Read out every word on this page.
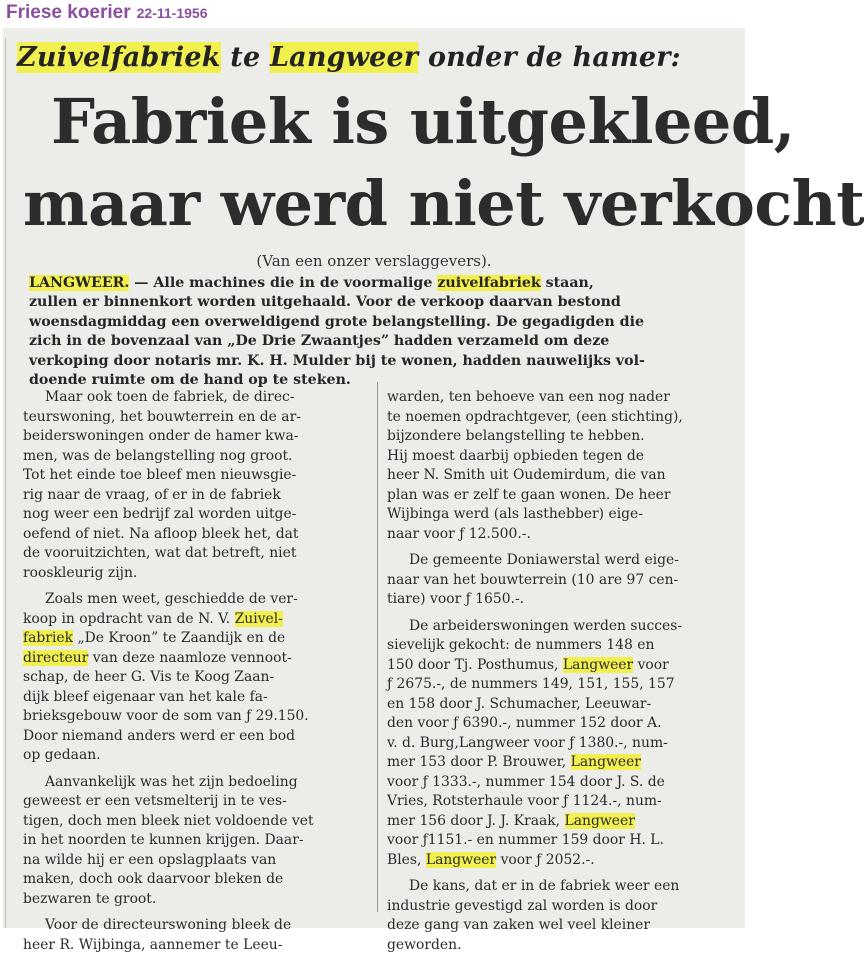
Friese koerier 22-11-1956
Zuivelfabriek te Langweer onder de hamer:
Fabriek is uitgekleed,
maar werd niet verkocht
(Van een onzer verslaggevers).
LANGWEER. — Alle machines die in de voormalige zuivelfabriek staan,
zullen er binnenkort worden uitgehaald. Voor de verkoop daarvan bestond
woensdagmiddag een overweldigend grote belangstelling. De gegadigden die
zich in de bovenzaal van „De Drie Zwaantjes” hadden verzameld om deze
verkoping door notaris mr. K. H. Mulder bij te wonen, hadden nauwelijks vol-
doende ruimte om de hand op te steken.
Maar ook toen de fabriek, de direc-
teurswoning, het bouwterrein en de ar-
beiderswoningen onder de hamer kwa-
men, was de belangstelling nog groot.
Tot het einde toe bleef men nieuwsgie-
rig naar de vraag, of er in de fabriek
nog weer een bedrijf zal worden uitge-
oefend of niet. Na afloop bleek het, dat
de vooruitzichten, wat dat betreft, niet
rooskleurig zijn.
Zoals men weet, geschiedde de ver-
koop in opdracht van de N. V. Zuivel-
fabriek „De Kroon” te Zaandijk en de
directeur van deze naamloze vennoot-
schap, de heer G. Vis te Koog Zaan-
dijk bleef eigenaar van het kale fa-
brieksgebouw voor de som van ƒ 29.150.
Door niemand anders werd er een bod
op gedaan.
Aanvankelijk was het zijn bedoeling
geweest er een vetsmelterij in te ves-
tigen, doch men bleek niet voldoende vet
in het noorden te kunnen krijgen. Daar-
na wilde hij er een opslagplaats van
maken, doch ook daarvoor bleken de
bezwaren te groot.
Voor de directeurswoning bleek de
heer R. Wijbinga, aannemer te Leeu-
warden, ten behoeve van een nog nader
te noemen opdrachtgever, (een stichting),
bijzondere belangstelling te hebben.
Hij moest daarbij opbieden tegen de
heer N. Smith uit Oudemirdum, die van
plan was er zelf te gaan wonen. De heer
Wijbinga werd (als lasthebber) eige-
naar voor ƒ 12.500.-.
De gemeente Doniawerstal werd eige-
naar van het bouwterrein (10 are 97 cen-
tiare) voor ƒ 1650.-.
De arbeiderswoningen werden succes-
sievelijk gekocht: de nummers 148 en
150 door Tj. Posthumus, Langweer voor
ƒ 2675.-, de nummers 149, 151, 155, 157
en 158 door J. Schumacher, Leeuwar-
den voor ƒ 6390.-, nummer 152 door A.
v. d. Burg,Langweer voor ƒ 1380.-, num-
mer 153 door P. Brouwer, Langweer
voor ƒ 1333.-, nummer 154 door J. S. de
Vries, Rotsterhaule voor ƒ 1124.-, num-
mer 156 door J. J. Kraak, Langweer
voor ƒ1151.- en nummer 159 door H. L.
Bles, Langweer voor ƒ 2052.-.
De kans, dat er in de fabriek weer een
industrie gevestigd zal worden is door
deze gang van zaken wel veel kleiner
geworden.
